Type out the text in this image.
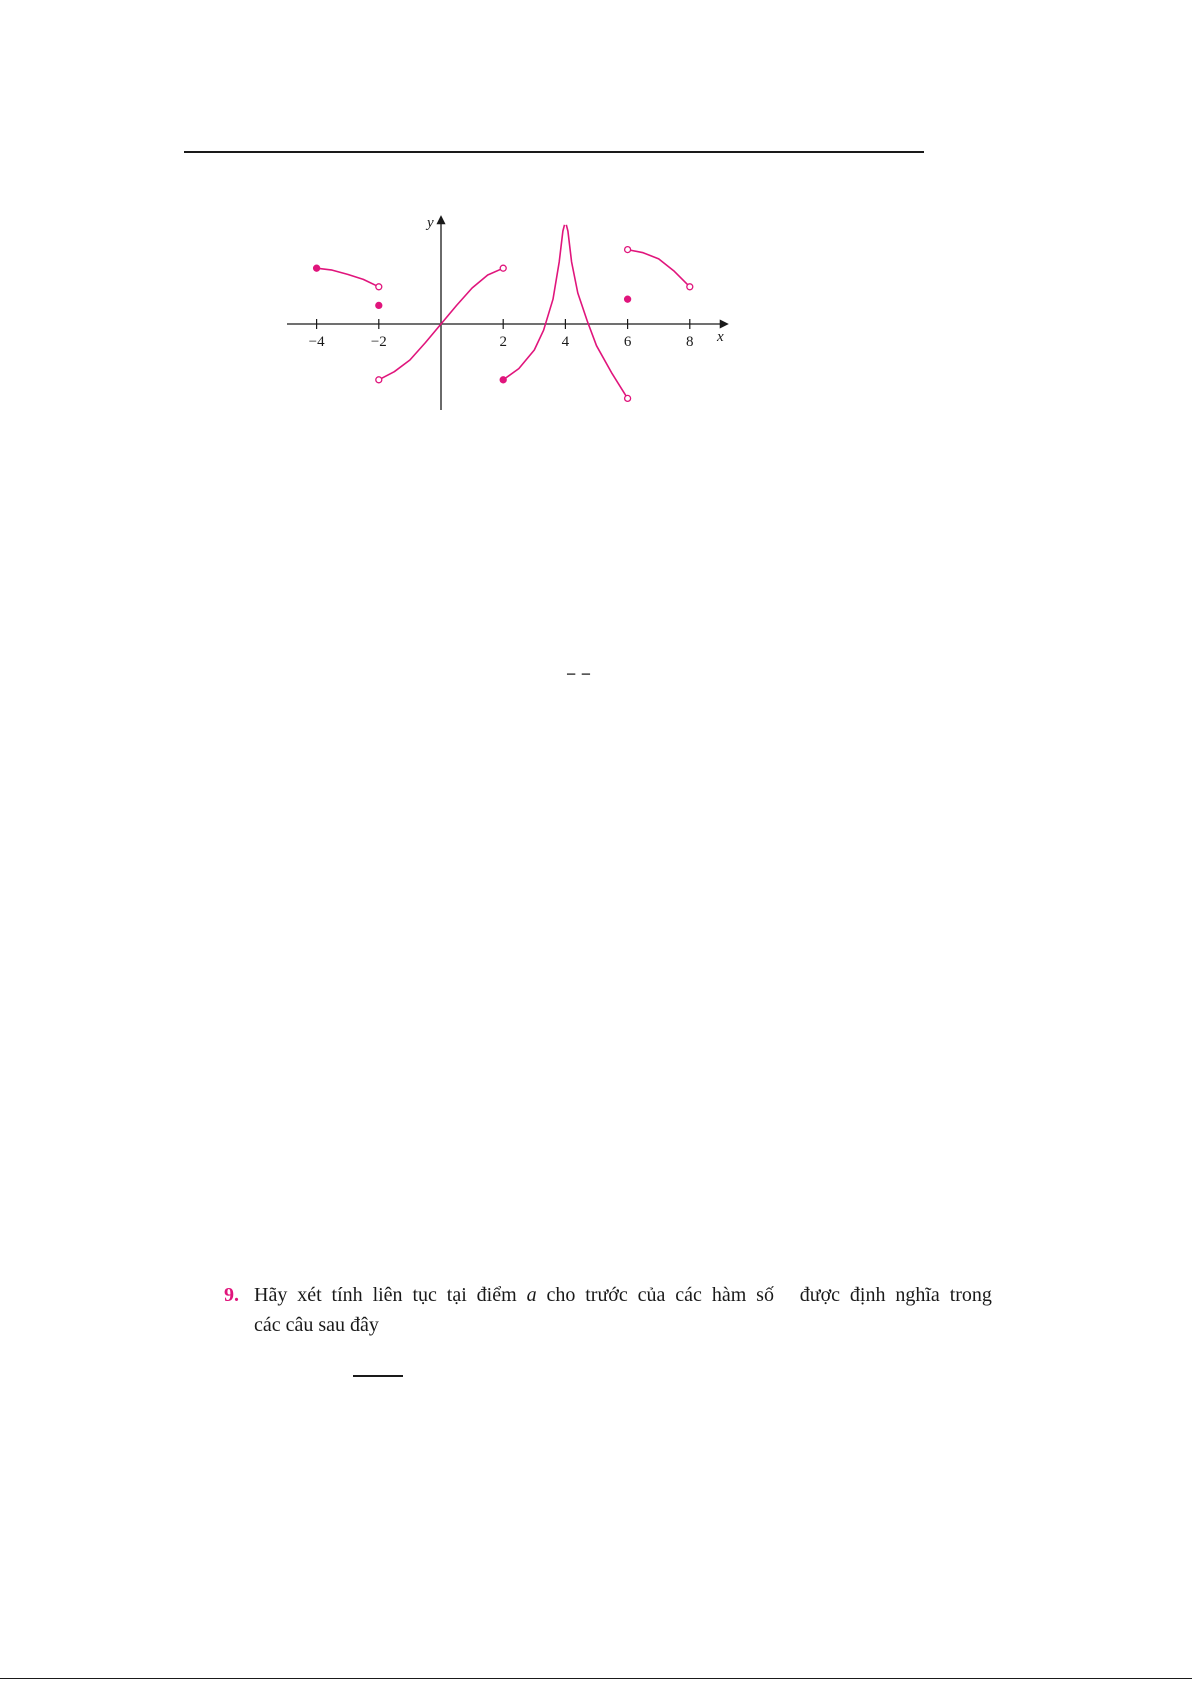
x
y
−4	−2	2	4	6	8
− −
9. Hãy xét tính liên tục tại điểm a cho trước của các hàm số được định nghĩa trong
các câu sau đây
